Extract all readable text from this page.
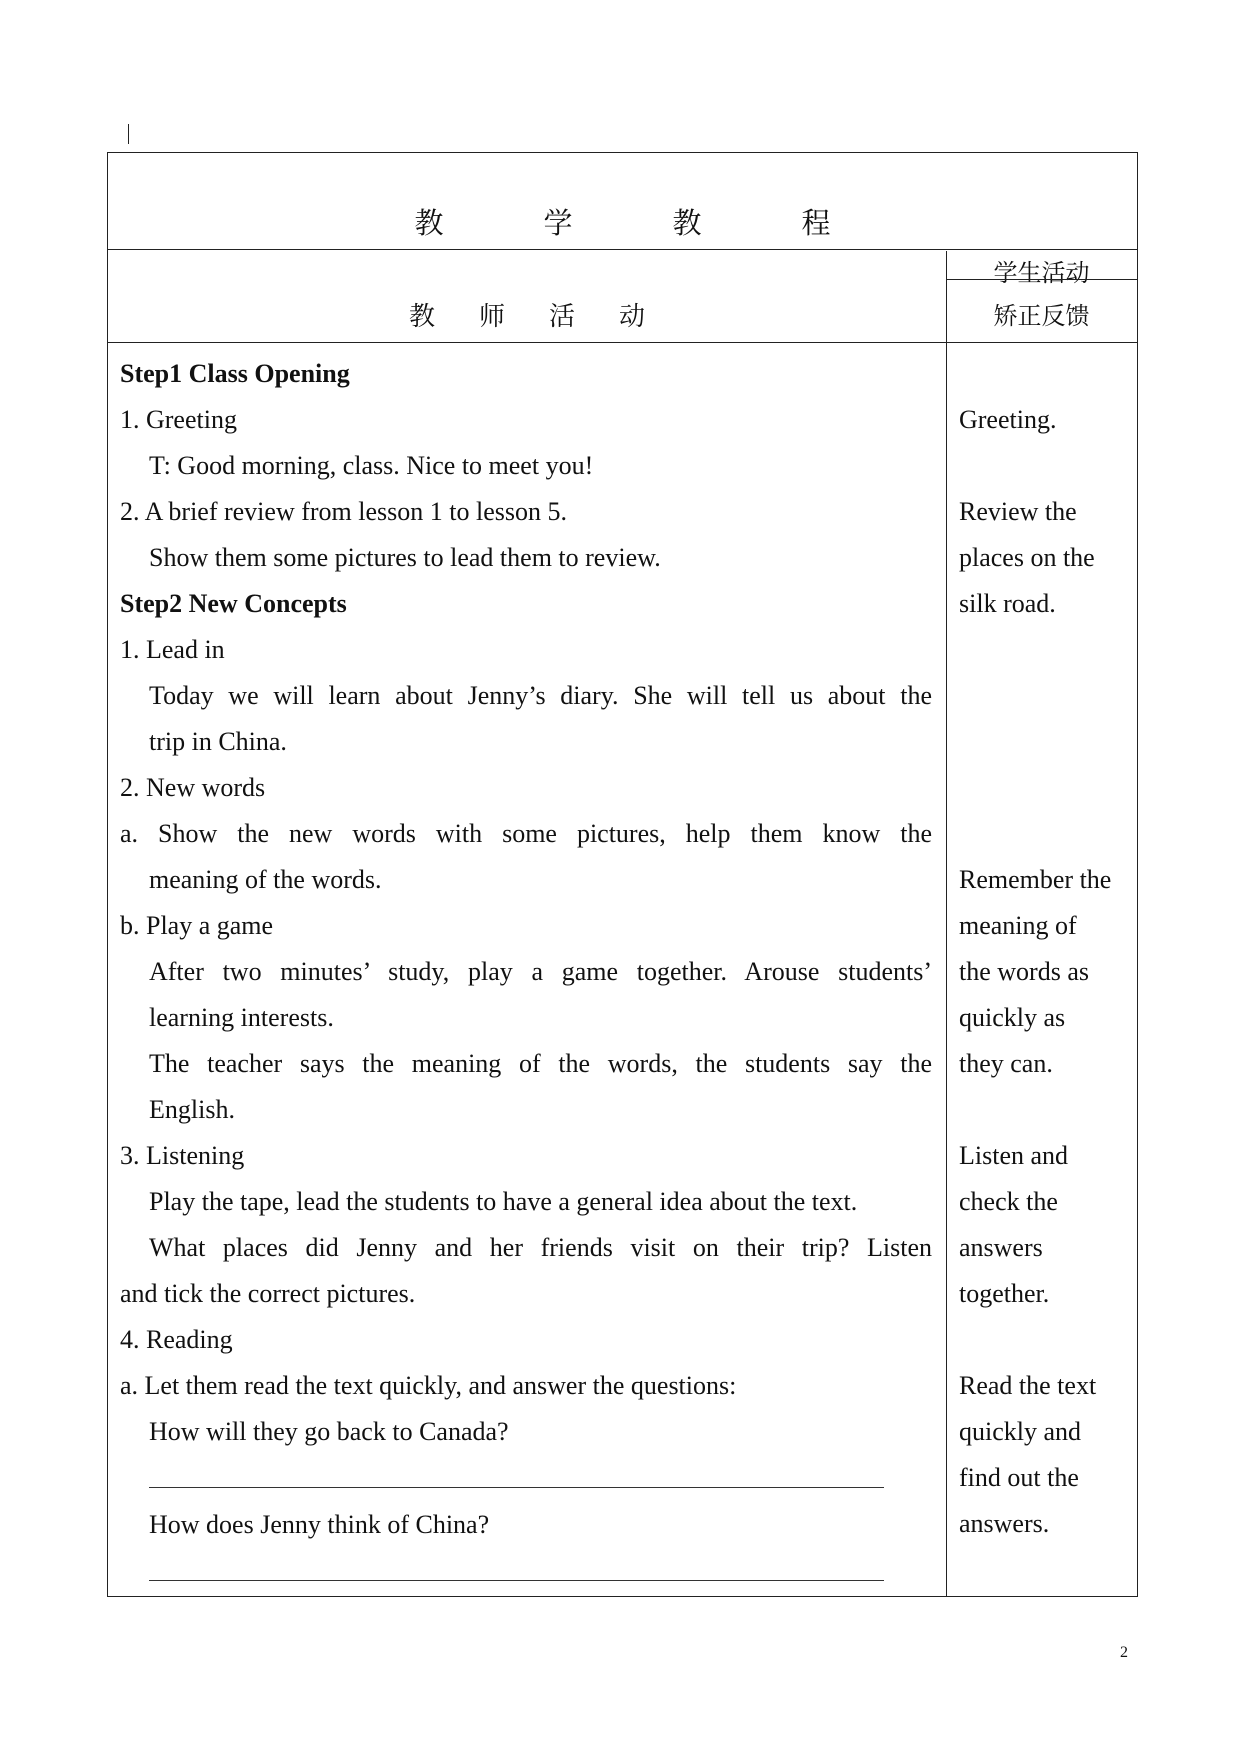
教学教程
教师活动
学生活动
矫正反馈
Step1 Class Opening
1. Greeting
T: Good morning, class. Nice to meet you!
2. A brief review from lesson 1 to lesson 5.
Show them some pictures to lead them to review.
Step2 New Concepts
1. Lead in
Today we will learn about Jenny’s diary. She will tell us about the
trip in China.
2. New words
a. Show the new words with some pictures, help them know the
meaning of the words.
b. Play a game
After two minutes’ study, play a game together. Arouse students’
learning interests.
The teacher says the meaning of the words, the students say the
English.
3. Listening
Play the tape, lead the students to have a general idea about the text.
What places did Jenny and her friends visit on their trip? Listen
and tick the correct pictures.
4. Reading
a. Let them read the text quickly, and answer the questions:
How will they go back to Canada?
How does Jenny think of China?

Greeting.

Review the
places on the
silk road.

Remember the
meaning of
the words as
quickly as
they can.

Listen and
check the
answers
together.

Read the text
quickly and
find out the
answers.
2
